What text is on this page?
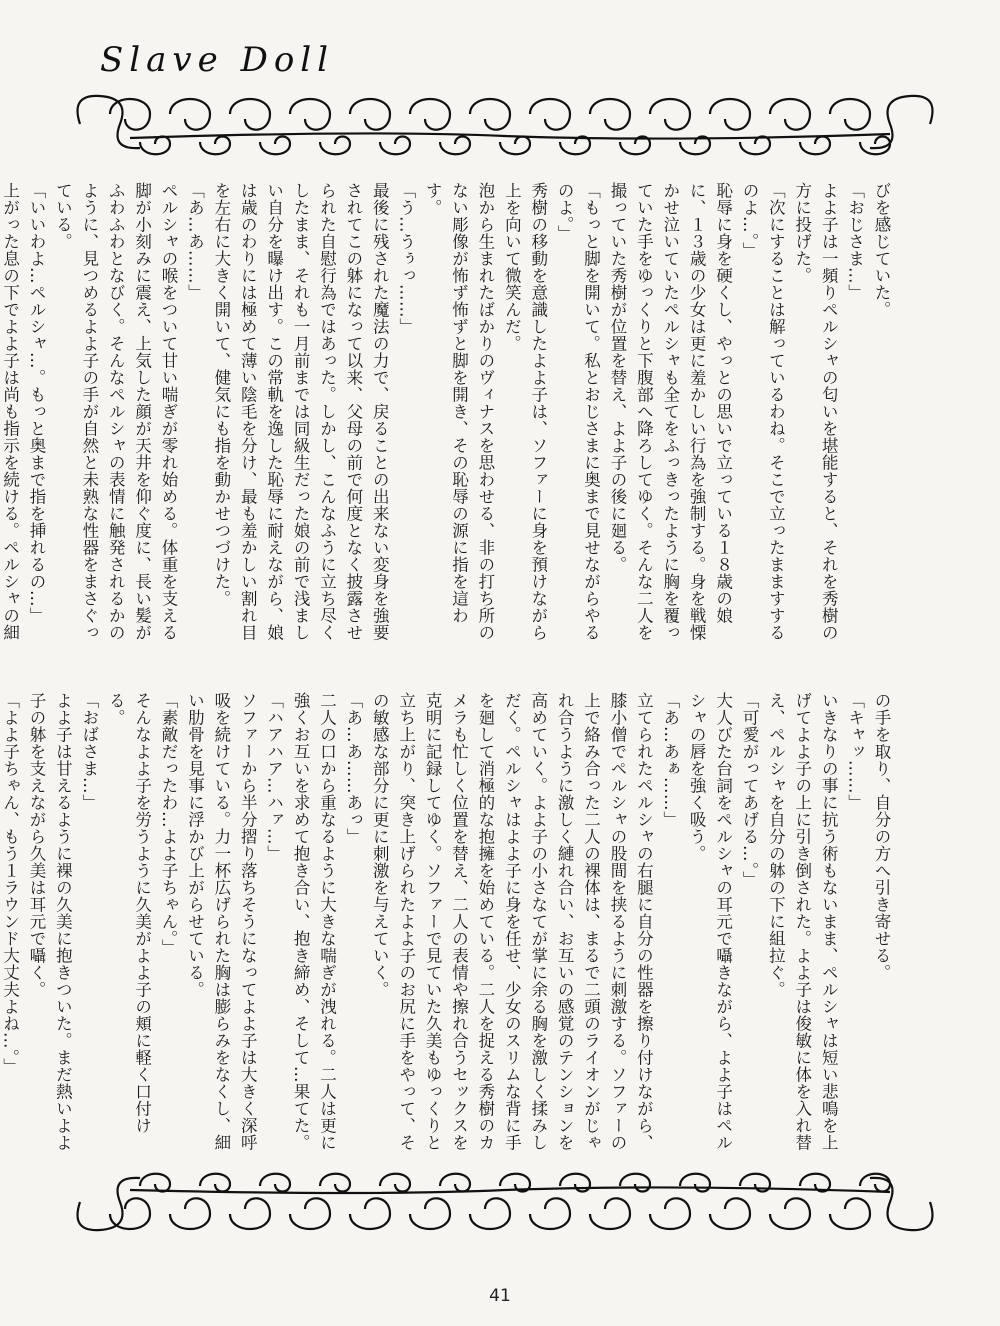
Slave Doll

びを感じていた。

「おじさま…」

よよ子は一頻りペルシャの匂いを堪能すると、それを秀樹の方に投げた。

「次にすることは解っているわね。そこで立ったまますするのよ…。」

恥辱に身を硬くし、やっとの思いで立っている１８歳の娘に、１３歳の少女は更に羞かしい行為を強制する。身を戦慄かせ泣いていたペルシャも全てをふっきったように胸を覆っていた手をゆっくりと下腹部へ降ろしてゆく。そんな二人を撮っていた秀樹が位置を替え、よよ子の後に廻る。

「もっと脚を開いて。私とおじさまに奥まで見せながらやるのよ。」

秀樹の移動を意識したよよ子は、ソファーに身を預けながら上を向いて微笑んだ。

泡から生まれたばかりのヴィナスを思わせる、非の打ち所のない彫像が怖ず怖ずと脚を開き、その恥辱の源に指を這わす。

「う…うぅっ……」

最後に残された魔法の力で、戻ることの出来ない変身を強要されてこの躰になって以来、父母の前で何度となく披露させられた自慰行為ではあった。しかし、こんなふうに立ち尽くしたまま、それも一月前までは同級生だった娘の前で浅ましい自分を曝け出す。この常軌を逸した恥辱に耐えながら、娘は歳のわりには極めて薄い陰毛を分け、最も羞かしい割れ目を左右に大きく開いて、健気にも指を動かせつづけた。

「あ…あ……」

ペルシャの喉をついて甘い喘ぎが零れ始める。体重を支える脚が小刻みに震え、上気した顔が天井を仰ぐ度に、長い髪がふわふわとなびく。そんなペルシャの表情に触発されるかのように、見つめるよよ子の手が自然と未熟な性器をまさぐっている。

「いいわよ…ペルシャ…。もっと奥まで指を挿れるの…」

上がった息の下でよよ子は尚も指示を続ける。ペルシャの細

の手を取り、自分の方へ引き寄せる。

「キャッ……」

いきなりの事に抗う術もないまま、ペルシャは短い悲鳴を上げてよよ子の上に引き倒された。よよ子は俊敏に体を入れ替え、ペルシャを自分の躰の下に組拉ぐ。

「可愛がってあげる…。」

大人びた台詞をペルシャの耳元で囁きながら、よよ子はペルシャの唇を強く吸う。

「あ…あぁ……」

立てられたペルシャの右腿に自分の性器を擦り付けながら、膝小僧でペルシャの股間を挟るように刺激する。ソファーの上で絡み合った二人の裸体は、まるで二頭のライオンがじゃれ合うように激しく縺れ合い、お互いの感覚のテンションを高めていく。よよ子の小さなてが掌に余る胸を激しく揉みしだく。ペルシャはよよ子に身を任せ、少女のスリムな背に手を廻して消極的な抱擁を始めている。二人を捉える秀樹のカメラも忙しく位置を替え、二人の表情や擦れ合うセックスを克明に記録してゆく。ソファーで見ていた久美もゆっくりと立ち上がり、突き上げられたよよ子のお尻に手をやって、その敏感な部分に更に刺激を与えていく。

「あ…あ……あっ」

二人の口から重なるように大きな喘ぎが洩れる。二人は更に強くお互いを求めて抱き合い、抱き締め、そして…果てた。

「ハアハア…ハァ…」

ソファーから半分摺り落ちそうになってよよ子は大きく深呼吸を続けている。力一杯広げられた胸は膨らみをなくし、細い肋骨を見事に浮かび上がらせている。

「素敵だったわ…よよ子ちゃん。」

そんなよよ子を労うように久美がよよ子の頬に軽く口付ける。

「おばさま…」

よよ子は甘えるように裸の久美に抱きついた。まだ熱いよよ子の躰を支えながら久美は耳元で囁く。

「よよ子ちゃん、もう１ラウンド大丈夫よね…。」

41
